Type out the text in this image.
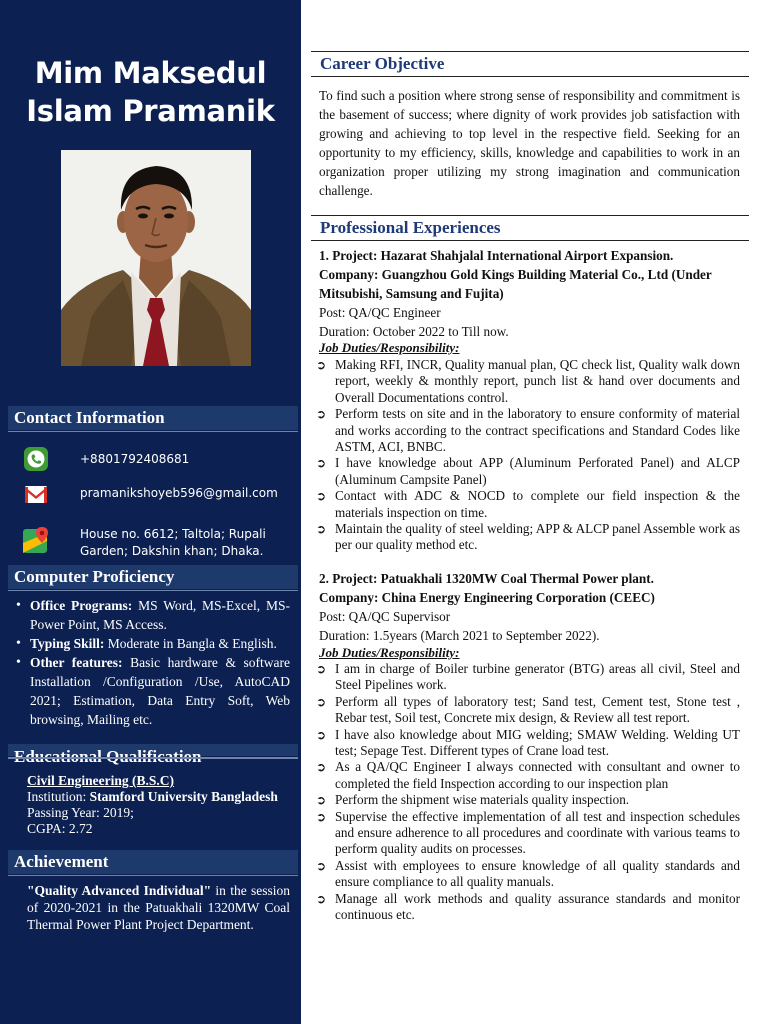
Mim Maksedul
Islam Pramanik
Contact Information
+8801792408681
pramanikshoyeb596@gmail.com
House no. 6612; Taltola; Rupali
Garden; Dakshin khan; Dhaka.
Computer Proficiency
• Office Programs: MS Word, MS-Excel, MS-Power Point, MS Access.
• Typing Skill: Moderate in Bangla & English.
• Other features: Basic hardware & software Installation /Configuration /Use, AutoCAD 2021; Estimation, Data Entry Soft, Web browsing, Mailing etc.
Civil Engineering (B.S.C)
Institution: Stamford University Bangladesh
Passing Year: 2019;
CGPA: 2.72
Achievement
"Quality Advanced Individual" in the session of 2020-2021 in the Patuakhali 1320MW Coal Thermal Power Plant Project Department.
Career Objective
To find such a position where strong sense of responsibility and commitment is the basement of success; where dignity of work provides job satisfaction with growing and achieving to top level in the respective field. Seeking for an opportunity to my efficiency, skills, knowledge and capabilities to work in an organization proper utilizing my strong imagination and communication challenge.
Professional Experiences
1. Project: Hazarat Shahjalal International Airport Expansion.
Company: Guangzhou Gold Kings Building Material Co., Ltd (Under Mitsubishi, Samsung and Fujita)
Post: QA/QC Engineer
Duration: October 2022 to Till now.
Job Duties/Responsibility:
➲ Making RFI, INCR, Quality manual plan, QC check list, Quality walk down report, weekly & monthly report, punch list & hand over documents and Overall Documentations control.
➲ Perform tests on site and in the laboratory to ensure conformity of material and works according to the contract specifications and Standard Codes like ASTM, ACI, BNBC.
➲ I have knowledge about APP (Aluminum Perforated Panel) and ALCP (Aluminum Campsite Panel)
➲ Contact with ADC & NOCD to complete our field inspection & the materials inspection on time.
➲ Maintain the quality of steel welding; APP & ALCP panel Assemble work as per our quality method etc.
2. Project: Patuakhali 1320MW Coal Thermal Power plant.
Company: China Energy Engineering Corporation (CEEC)
Post: QA/QC Supervisor
Duration: 1.5years (March 2021 to September 2022).
Job Duties/Responsibility:
➲ I am in charge of Boiler turbine generator (BTG) areas all civil, Steel and Steel Pipelines work.
➲ Perform all types of laboratory test; Sand test, Cement test, Stone test , Rebar test, Soil test, Concrete mix design, & Review all test report.
➲ I have also knowledge about MIG welding; SMAW Welding. Welding UT test; Sepage Test. Different types of Crane load test.
➲ As a QA/QC Engineer I always connected with consultant and owner to completed the field Inspection according to our inspection plan
➲ Perform the shipment wise materials quality inspection.
➲ Supervise the effective implementation of all test and inspection schedules and ensure adherence to all procedures and coordinate with various teams to perform quality audits on processes.
➲ Assist with employees to ensure knowledge of all quality standards and ensure compliance to all quality manuals.
➲ Manage all work methods and quality assurance standards and monitor continuous etc.
